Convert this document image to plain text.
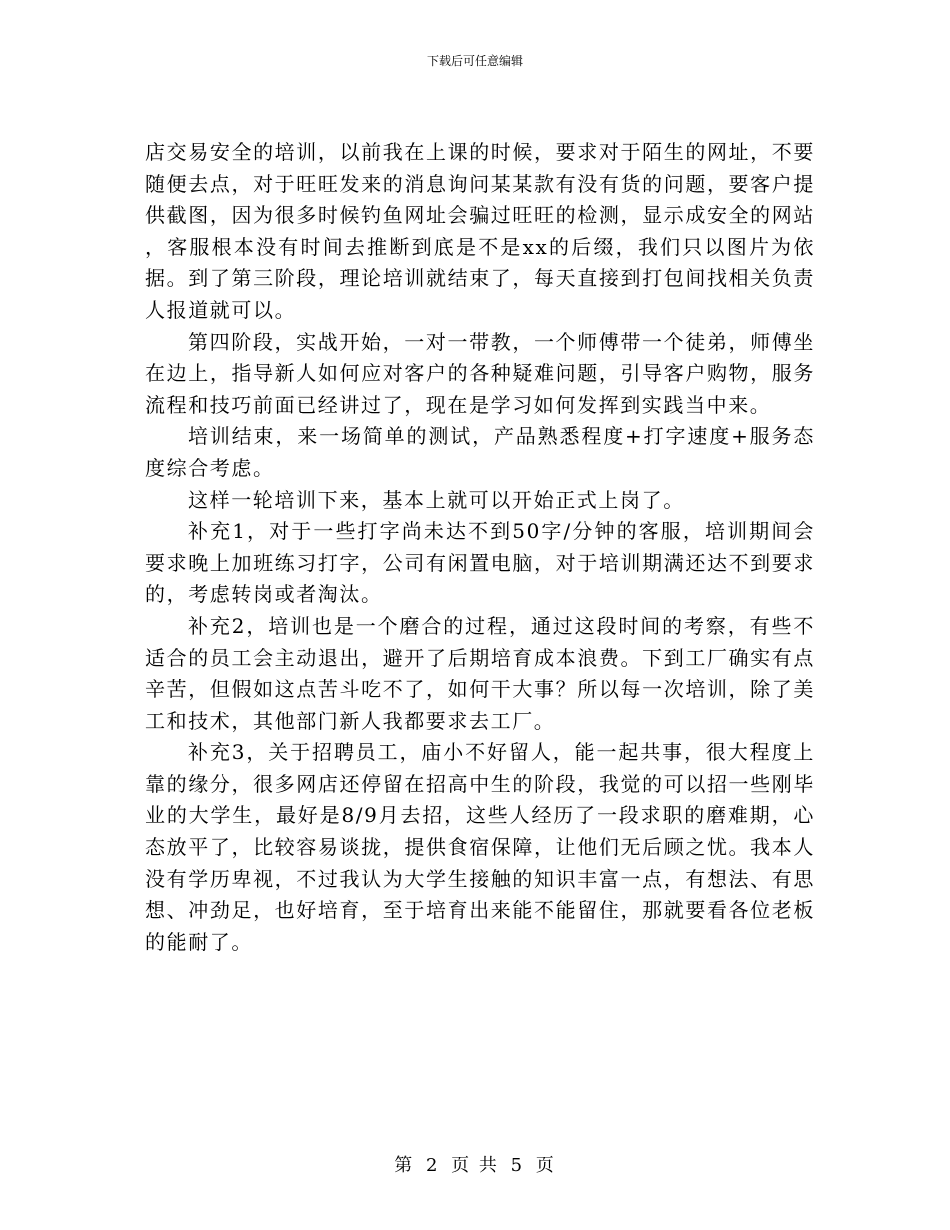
下载后可任意编辑

店交易安全的培训，以前我在上课的时候，要求对于陌生的网址，不要随便去点，对于旺旺发来的消息询问某某款有没有货的问题，要客户提供截图，因为很多时候钓鱼网址会骗过旺旺的检测，显示成安全的网站，客服根本没有时间去推断到底是不是xx的后缀，我们只以图片为依据。到了第三阶段，理论培训就结束了，每天直接到打包间找相关负责人报道就可以。

第四阶段，实战开始，一对一带教，一个师傅带一个徒弟，师傅坐在边上，指导新人如何应对客户的各种疑难问题，引导客户购物，服务流程和技巧前面已经讲过了，现在是学习如何发挥到实践当中来。

培训结束，来一场简单的测试，产品熟悉程度+打字速度+服务态度综合考虑。

这样一轮培训下来，基本上就可以开始正式上岗了。

补充1，对于一些打字尚未达不到50字/分钟的客服，培训期间会要求晚上加班练习打字，公司有闲置电脑，对于培训期满还达不到要求的，考虑转岗或者淘汰。

补充2，培训也是一个磨合的过程，通过这段时间的考察，有些不适合的员工会主动退出，避开了后期培育成本浪费。下到工厂确实有点辛苦，但假如这点苦斗吃不了，如何干大事？所以每一次培训，除了美工和技术，其他部门新人我都要求去工厂。

补充3，关于招聘员工，庙小不好留人，能一起共事，很大程度上靠的缘分，很多网店还停留在招高中生的阶段，我觉的可以招一些刚毕业的大学生，最好是8/9月去招，这些人经历了一段求职的磨难期，心态放平了，比较容易谈拢，提供食宿保障，让他们无后顾之忧。我本人没有学历卑视，不过我认为大学生接触的知识丰富一点，有想法、有思想、冲劲足，也好培育，至于培育出来能不能留住，那就要看各位老板的能耐了。

第 2 页 共 5 页
